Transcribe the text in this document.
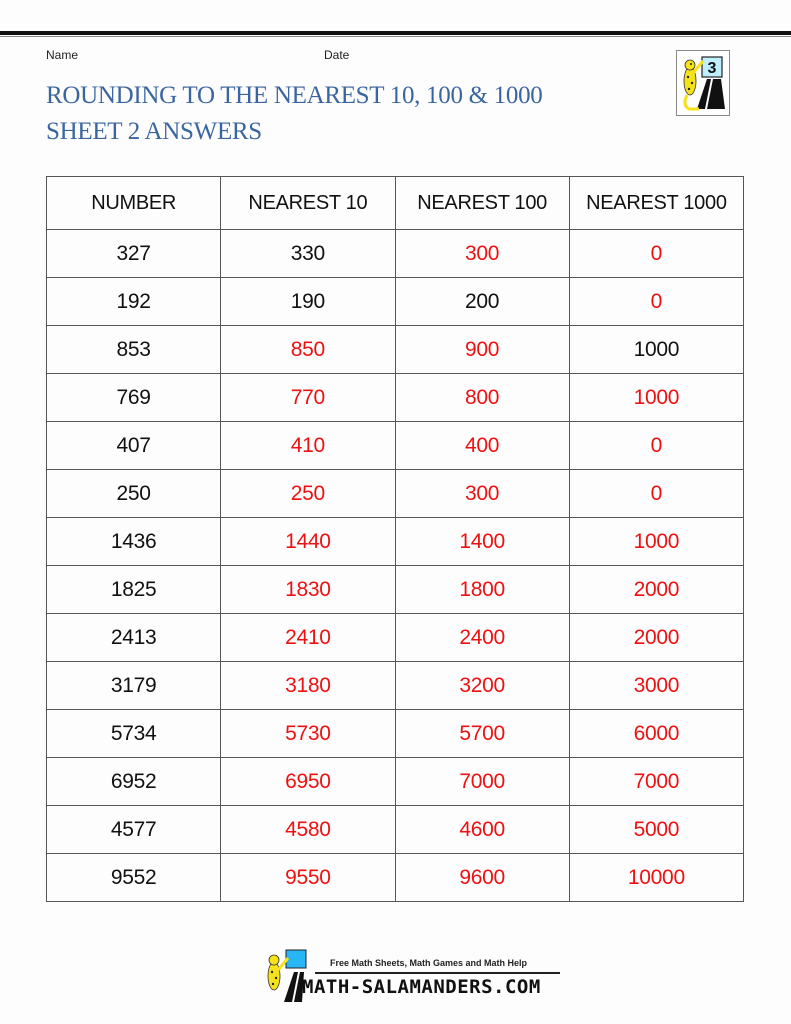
Name	Date
ROUNDING TO THE NEAREST 10, 100 & 1000
SHEET 2 ANSWERS
3
NUMBER	NEAREST 10	NEAREST 100	NEAREST 1000
327	330	300	0
192	190	200	0
853	850	900	1000
769	770	800	1000
407	410	400	0
250	250	300	0
1436	1440	1400	1000
1825	1830	1800	2000
2413	2410	2400	2000
3179	3180	3200	3000
5734	5730	5700	6000
6952	6950	7000	7000
4577	4580	4600	5000
9552	9550	9600	10000
Free Math Sheets, Math Games and Math Help
MATH-SALAMANDERS.COM
